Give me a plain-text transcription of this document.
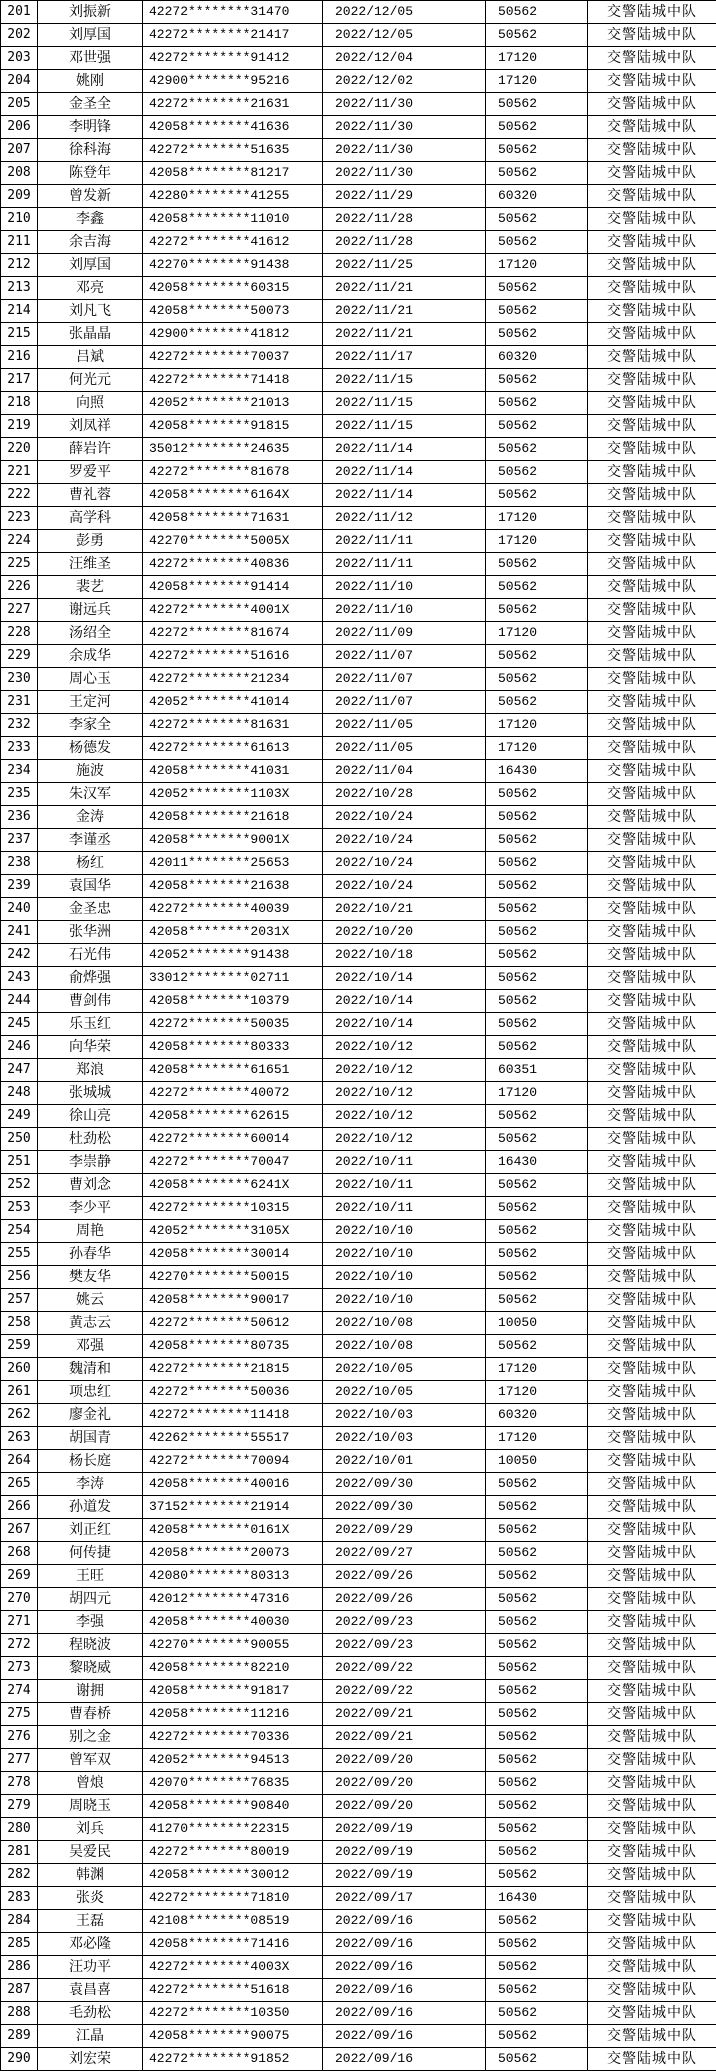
201	刘振新	42272********31470	2022/12/05	50562	交警陆城中队
202	刘厚国	42272********21417	2022/12/05	50562	交警陆城中队
203	邓世强	42272********91412	2022/12/04	17120	交警陆城中队
204	姚刚	42900********95216	2022/12/02	17120	交警陆城中队
205	金圣全	42272********21631	2022/11/30	50562	交警陆城中队
206	李明锋	42058********41636	2022/11/30	50562	交警陆城中队
207	徐科海	42272********51635	2022/11/30	50562	交警陆城中队
208	陈登年	42058********81217	2022/11/30	50562	交警陆城中队
209	曾发新	42280********41255	2022/11/29	60320	交警陆城中队
210	李鑫	42058********11010	2022/11/28	50562	交警陆城中队
211	余吉海	42272********41612	2022/11/28	50562	交警陆城中队
212	刘厚国	42270********91438	2022/11/25	17120	交警陆城中队
213	邓亮	42058********60315	2022/11/21	50562	交警陆城中队
214	刘凡飞	42058********50073	2022/11/21	50562	交警陆城中队
215	张晶晶	42900********41812	2022/11/21	50562	交警陆城中队
216	吕斌	42272********70037	2022/11/17	60320	交警陆城中队
217	何光元	42272********71418	2022/11/15	50562	交警陆城中队
218	向照	42052********21013	2022/11/15	50562	交警陆城中队
219	刘凤祥	42058********91815	2022/11/15	50562	交警陆城中队
220	薛岩许	35012********24635	2022/11/14	50562	交警陆城中队
221	罗爱平	42272********81678	2022/11/14	50562	交警陆城中队
222	曹礼蓉	42058********6164X	2022/11/14	50562	交警陆城中队
223	高学科	42058********71631	2022/11/12	17120	交警陆城中队
224	彭勇	42270********5005X	2022/11/11	17120	交警陆城中队
225	汪维圣	42272********40836	2022/11/11	50562	交警陆城中队
226	裴艺	42058********91414	2022/11/10	50562	交警陆城中队
227	谢远兵	42272********4001X	2022/11/10	50562	交警陆城中队
228	汤绍全	42272********81674	2022/11/09	17120	交警陆城中队
229	余成华	42272********51616	2022/11/07	50562	交警陆城中队
230	周心玉	42272********21234	2022/11/07	50562	交警陆城中队
231	王定河	42052********41014	2022/11/07	50562	交警陆城中队
232	李家全	42272********81631	2022/11/05	17120	交警陆城中队
233	杨德发	42272********61613	2022/11/05	17120	交警陆城中队
234	施波	42058********41031	2022/11/04	16430	交警陆城中队
235	朱汉军	42052********1103X	2022/10/28	50562	交警陆城中队
236	金涛	42058********21618	2022/10/24	50562	交警陆城中队
237	李谨丞	42058********9001X	2022/10/24	50562	交警陆城中队
238	杨红	42011********25653	2022/10/24	50562	交警陆城中队
239	袁国华	42058********21638	2022/10/24	50562	交警陆城中队
240	金圣忠	42272********40039	2022/10/21	50562	交警陆城中队
241	张华洲	42058********2031X	2022/10/20	50562	交警陆城中队
242	石光伟	42052********91438	2022/10/18	50562	交警陆城中队
243	俞烨强	33012********02711	2022/10/14	50562	交警陆城中队
244	曹剑伟	42058********10379	2022/10/14	50562	交警陆城中队
245	乐玉红	42272********50035	2022/10/14	50562	交警陆城中队
246	向华荣	42058********80333	2022/10/12	50562	交警陆城中队
247	郑浪	42058********61651	2022/10/12	60351	交警陆城中队
248	张城城	42272********40072	2022/10/12	17120	交警陆城中队
249	徐山亮	42058********62615	2022/10/12	50562	交警陆城中队
250	杜劲松	42272********60014	2022/10/12	50562	交警陆城中队
251	李崇静	42272********70047	2022/10/11	16430	交警陆城中队
252	曹刘念	42058********6241X	2022/10/11	50562	交警陆城中队
253	李少平	42272********10315	2022/10/11	50562	交警陆城中队
254	周艳	42052********3105X	2022/10/10	50562	交警陆城中队
255	孙春华	42058********30014	2022/10/10	50562	交警陆城中队
256	樊友华	42270********50015	2022/10/10	50562	交警陆城中队
257	姚云	42058********90017	2022/10/10	50562	交警陆城中队
258	黄志云	42272********50612	2022/10/08	10050	交警陆城中队
259	邓强	42058********80735	2022/10/08	50562	交警陆城中队
260	魏清和	42272********21815	2022/10/05	17120	交警陆城中队
261	项忠红	42272********50036	2022/10/05	17120	交警陆城中队
262	廖金礼	42272********11418	2022/10/03	60320	交警陆城中队
263	胡国青	42262********55517	2022/10/03	17120	交警陆城中队
264	杨长庭	42272********70094	2022/10/01	10050	交警陆城中队
265	李涛	42058********40016	2022/09/30	50562	交警陆城中队
266	孙道发	37152********21914	2022/09/30	50562	交警陆城中队
267	刘正红	42058********0161X	2022/09/29	50562	交警陆城中队
268	何传捷	42058********20073	2022/09/27	50562	交警陆城中队
269	王旺	42080********80313	2022/09/26	50562	交警陆城中队
270	胡四元	42012********47316	2022/09/26	50562	交警陆城中队
271	李强	42058********40030	2022/09/23	50562	交警陆城中队
272	程晓波	42270********90055	2022/09/23	50562	交警陆城中队
273	黎晓威	42058********82210	2022/09/22	50562	交警陆城中队
274	谢拥	42058********91817	2022/09/22	50562	交警陆城中队
275	曹春桥	42058********11216	2022/09/21	50562	交警陆城中队
276	别之金	42272********70336	2022/09/21	50562	交警陆城中队
277	曾军双	42052********94513	2022/09/20	50562	交警陆城中队
278	曾烺	42070********76835	2022/09/20	50562	交警陆城中队
279	周晓玉	42058********90840	2022/09/20	50562	交警陆城中队
280	刘兵	41270********22315	2022/09/19	50562	交警陆城中队
281	吴爱民	42272********80019	2022/09/19	50562	交警陆城中队
282	韩渊	42058********30012	2022/09/19	50562	交警陆城中队
283	张炎	42272********71810	2022/09/17	16430	交警陆城中队
284	王磊	42108********08519	2022/09/16	50562	交警陆城中队
285	邓必隆	42058********71416	2022/09/16	50562	交警陆城中队
286	汪功平	42272********4003X	2022/09/16	50562	交警陆城中队
287	袁昌喜	42272********51618	2022/09/16	50562	交警陆城中队
288	毛劲松	42272********10350	2022/09/16	50562	交警陆城中队
289	江晶	42058********90075	2022/09/16	50562	交警陆城中队
290	刘宏荣	42272********91852	2022/09/16	50562	交警陆城中队
